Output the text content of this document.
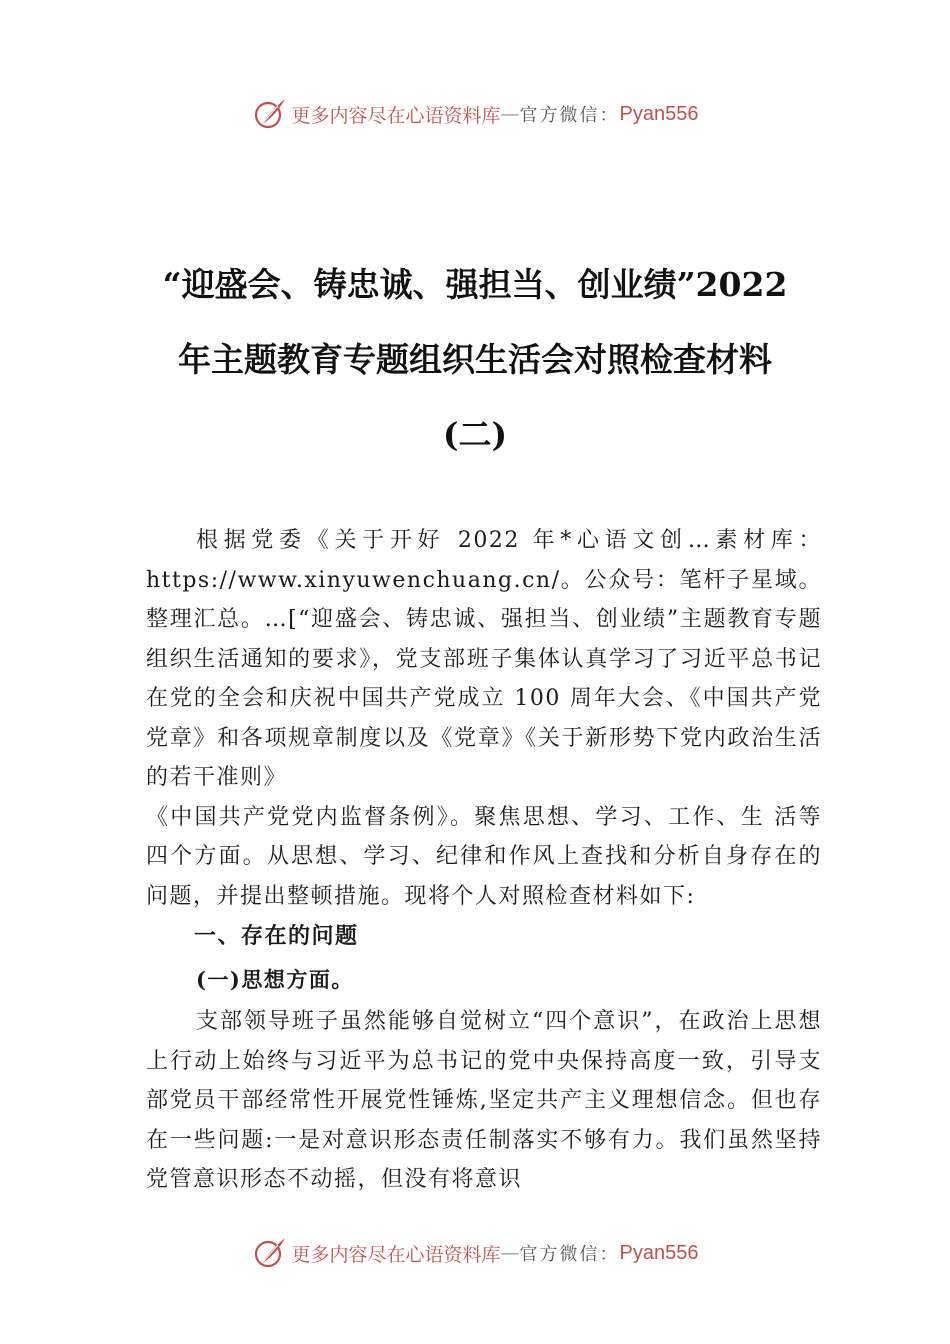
更多内容尽在心语资料库 — 官方微信： Pyan556
“迎盛会、铸忠诚、强担当、创业绩”2022
年主题教育专题组织生活会对照检查材料
(二)

根据党委《关于开好 2022 年*心语文创…素材库：https://www.xinyuwenchuang.cn/。公众号：笔杆子星域。整理汇总。…[“迎盛会、铸忠诚、强担当、创业绩”主题教育专题组织生活通知的要求》，党支部班子集体认真学习了习近平总书记在党的全会和庆祝中国共产党成立 100 周年大会、《中国共产党党章》和各项规章制度以及《党章》《关于新形势下党内政治生活的若干准则》

《中国共产党党内监督条例》。聚焦思想、学习、工作、生 活等四个方面。从思想、学习、纪律和作风上查找和分析自身存在的问题，并提出整顿措施。现将个人对照检查材料如下:

一、存在的问题
(一)思想方面。

支部领导班子虽然能够自觉树立“四个意识”，在政治上思想上行动上始终与习近平为总书记的党中央保持高度一致，引导支部党员干部经常性开展党性锤炼,坚定共产主义理想信念。但也存在一些问题:一是对意识形态责任制落实不够有力。我们虽然坚持党管意识形态不动摇，但没有将意识

更多内容尽在心语资料库 — 官方微信： Pyan556
